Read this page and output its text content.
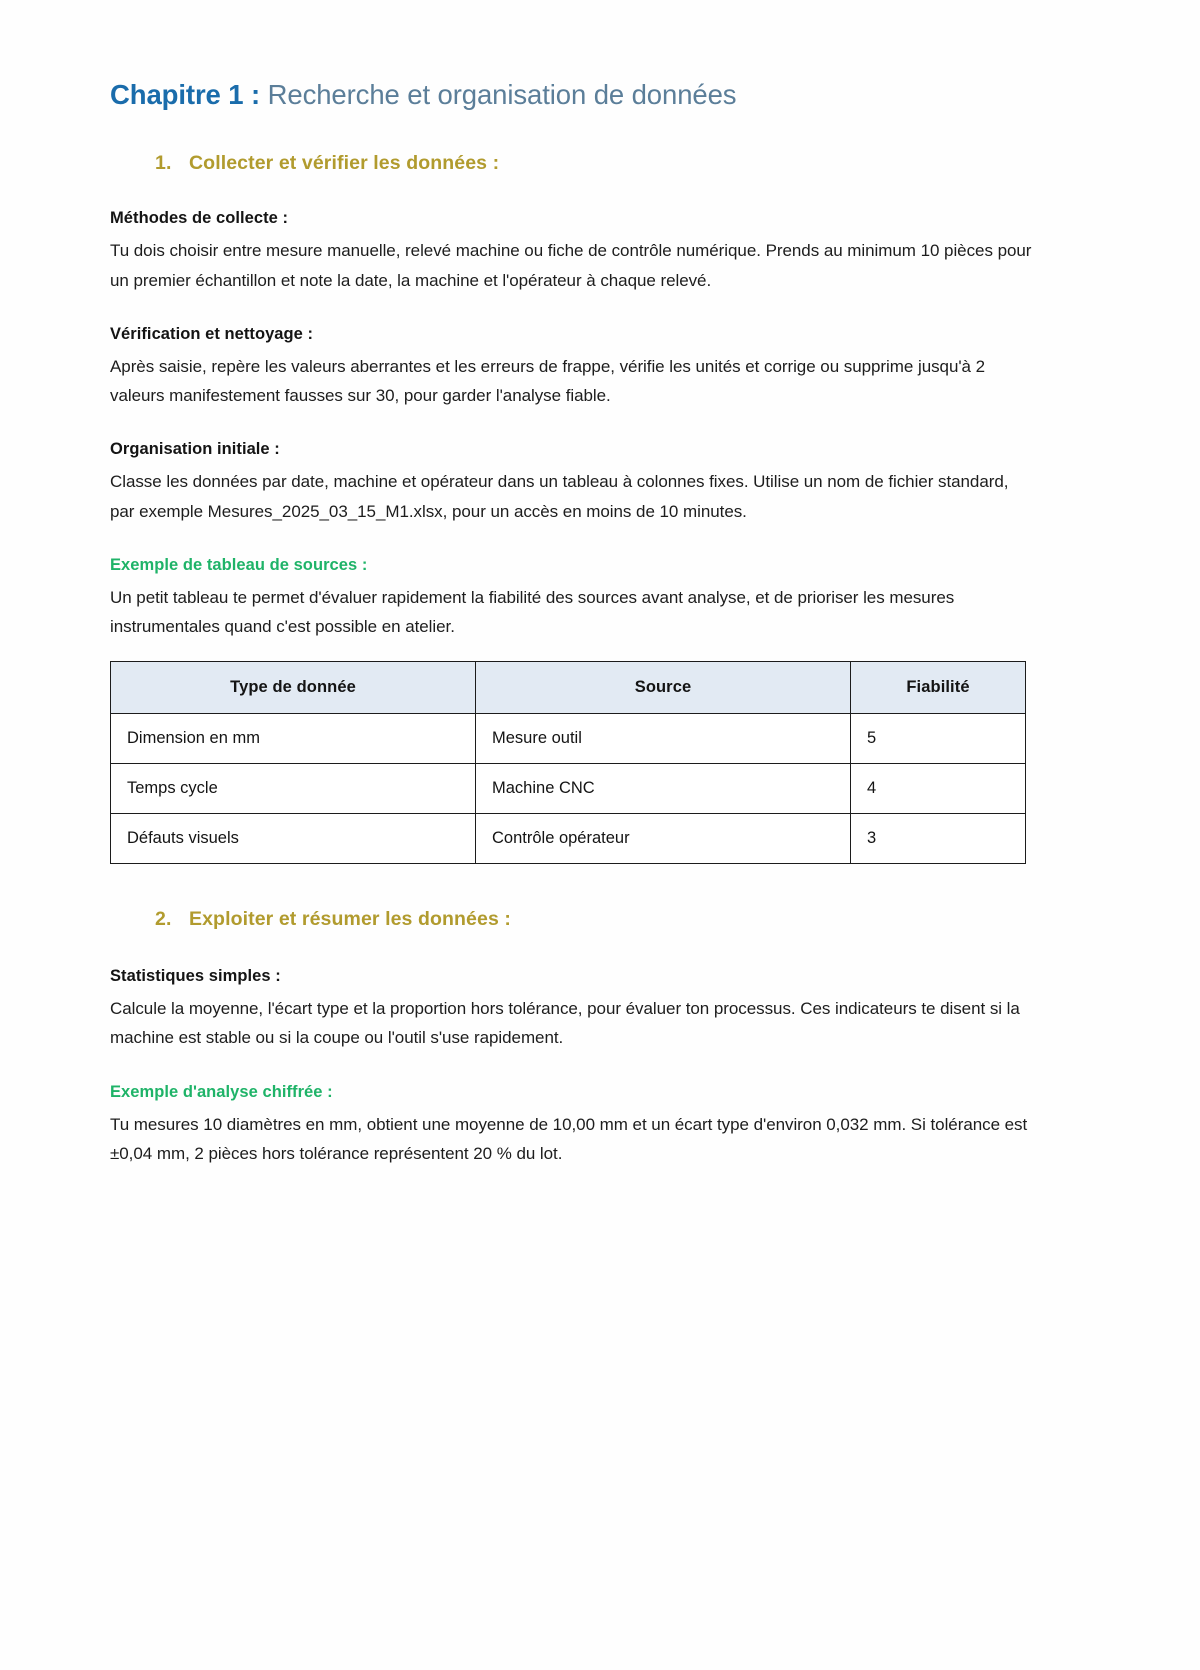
Chapitre 1 : Recherche et organisation de données
1. Collecter et vérifier les données :
Méthodes de collecte :

Tu dois choisir entre mesure manuelle, relevé machine ou fiche de contrôle numérique. Prends au minimum 10 pièces pour un premier échantillon et note la date, la machine et l'opérateur à chaque relevé.

Vérification et nettoyage :

Après saisie, repère les valeurs aberrantes et les erreurs de frappe, vérifie les unités et corrige ou supprime jusqu'à 2 valeurs manifestement fausses sur 30, pour garder l'analyse fiable.

Organisation initiale :

Classe les données par date, machine et opérateur dans un tableau à colonnes fixes. Utilise un nom de fichier standard, par exemple Mesures_2025_03_15_M1.xlsx, pour un accès en moins de 10 minutes.

Exemple de tableau de sources :

Un petit tableau te permet d'évaluer rapidement la fiabilité des sources avant analyse, et de prioriser les mesures instrumentales quand c'est possible en atelier.

Type de donnée	Source	Fiabilité
Dimension en mm	Mesure outil	5
Temps cycle	Machine CNC	4
Défauts visuels	Contrôle opérateur	3
2. Exploiter et résumer les données :
Statistiques simples :

Calcule la moyenne, l'écart type et la proportion hors tolérance, pour évaluer ton processus. Ces indicateurs te disent si la machine est stable ou si la coupe ou l'outil s'use rapidement.

Exemple d'analyse chiffrée :

Tu mesures 10 diamètres en mm, obtient une moyenne de 10,00 mm et un écart type d'environ 0,032 mm. Si tolérance est ±0,04 mm, 2 pièces hors tolérance représentent 20 % du lot.
